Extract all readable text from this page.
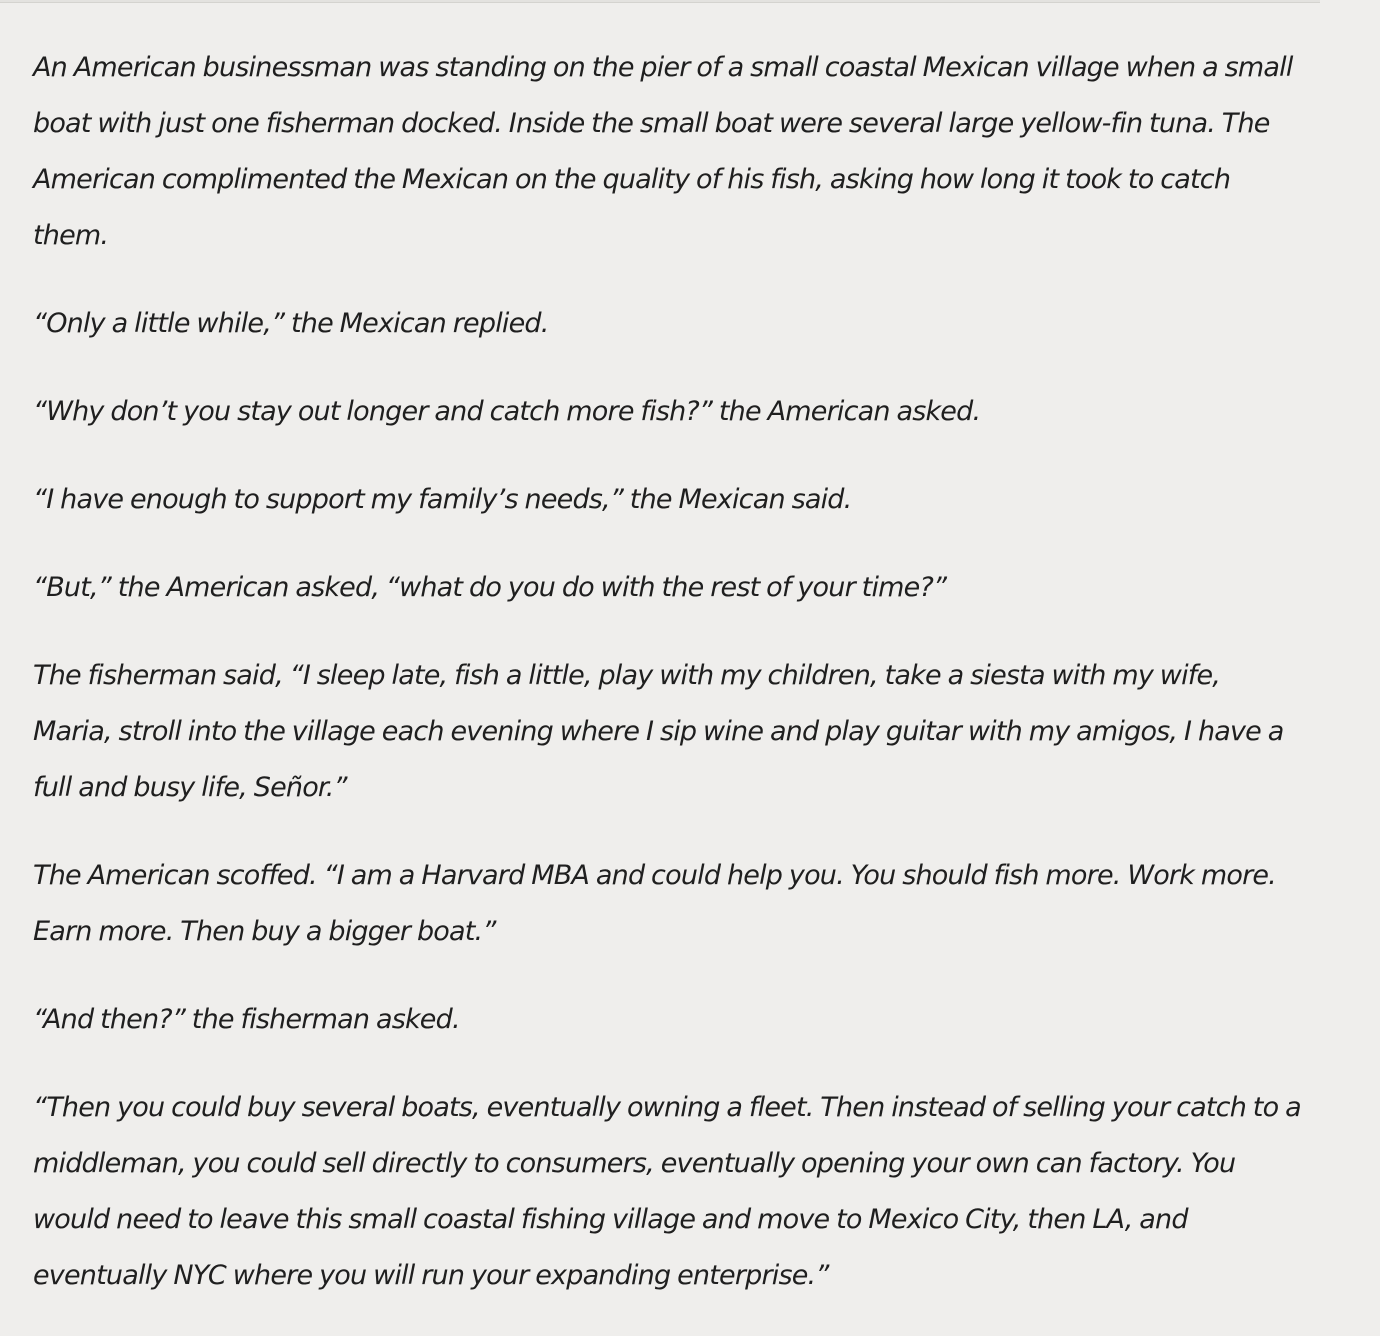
An American businessman was standing on the pier of a small coastal Mexican village when a small boat with just one fisherman docked. Inside the small boat were several large yellow-fin tuna. The American complimented the Mexican on the quality of his fish, asking how long it took to catch them.

“Only a little while,” the Mexican replied.

“Why don’t you stay out longer and catch more fish?” the American asked.

“I have enough to support my family’s needs,” the Mexican said.

“But,” the American asked, “what do you do with the rest of your time?”

The fisherman said, “I sleep late, fish a little, play with my children, take a siesta with my wife, Maria, stroll into the village each evening where I sip wine and play guitar with my amigos, I have a full and busy life, Señor.”

The American scoffed. “I am a Harvard MBA and could help you. You should fish more. Work more. Earn more. Then buy a bigger boat.”

“And then?” the fisherman asked.

“Then you could buy several boats, eventually owning a fleet. Then instead of selling your catch to a middleman, you could sell directly to consumers, eventually opening your own can factory. You would need to leave this small coastal fishing village and move to Mexico City, then LA, and eventually NYC where you will run your expanding enterprise.”
